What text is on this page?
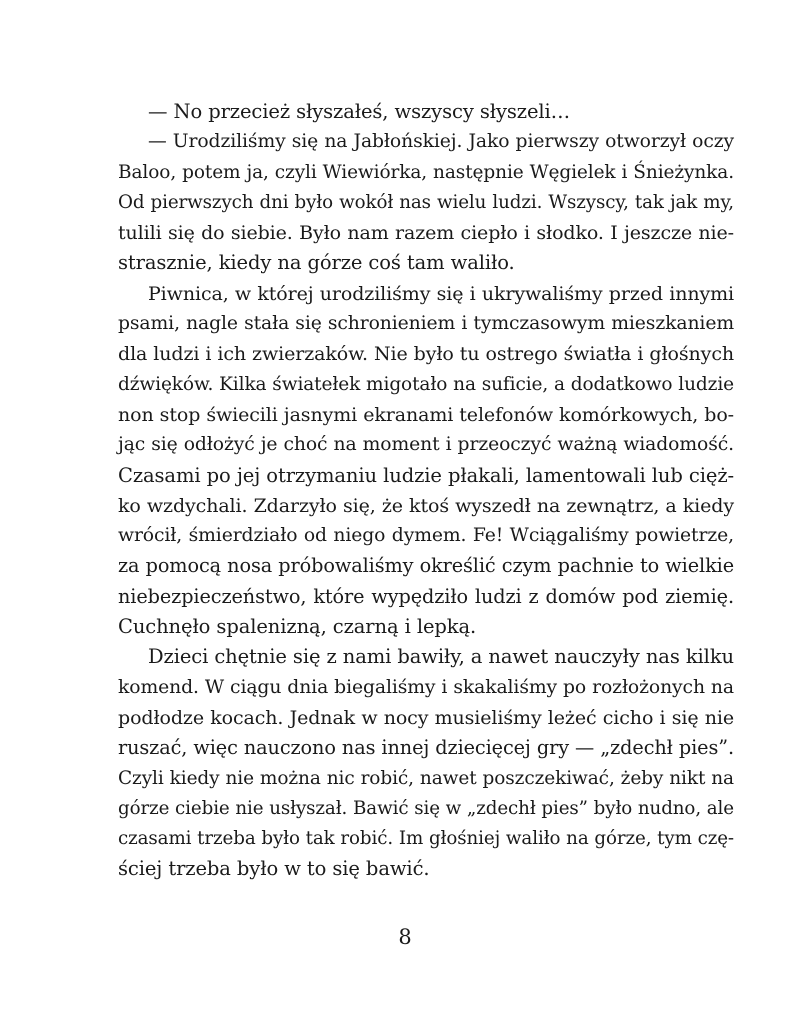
— No przecież słyszałeś, wszyscy słyszeli…
— Urodziliśmy się na Jabłońskiej. Jako pierwszy otworzył oczy
Baloo, potem ja, czyli Wiewiórka, następnie Węgielek i Śnieżynka.
Od pierwszych dni było wokół nas wielu ludzi. Wszyscy, tak jak my,
tulili się do siebie. Było nam razem ciepło i słodko. I jeszcze nie-
strasznie, kiedy na górze coś tam waliło.
Piwnica, w której urodziliśmy się i ukrywaliśmy przed innymi
psami, nagle stała się schronieniem i tymczasowym mieszkaniem
dla ludzi i ich zwierzaków. Nie było tu ostrego światła i głośnych
dźwięków. Kilka światełek migotało na suficie, a dodatkowo ludzie
non stop świecili jasnymi ekranami telefonów komórkowych, bo-
jąc się odłożyć je choć na moment i przeoczyć ważną wiadomość.
Czasami po jej otrzymaniu ludzie płakali, lamentowali lub cięż-
ko wzdychali. Zdarzyło się, że ktoś wyszedł na zewnątrz, a kiedy
wrócił, śmierdziało od niego dymem. Fe! Wciągaliśmy powietrze,
za pomocą nosa próbowaliśmy określić czym pachnie to wielkie
niebezpieczeństwo, które wypędziło ludzi z domów pod ziemię.
Cuchnęło spalenizną, czarną i lepką.
Dzieci chętnie się z nami bawiły, a nawet nauczyły nas kilku
komend. W ciągu dnia biegaliśmy i skakaliśmy po rozłożonych na
podłodze kocach. Jednak w nocy musieliśmy leżeć cicho i się nie
ruszać, więc nauczono nas innej dziecięcej gry — „zdechł pies”.
Czyli kiedy nie można nic robić, nawet poszczekiwać, żeby nikt na
górze ciebie nie usłyszał. Bawić się w „zdechł pies” było nudno, ale
czasami trzeba było tak robić. Im głośniej waliło na górze, tym czę-
ściej trzeba było w to się bawić.
8
